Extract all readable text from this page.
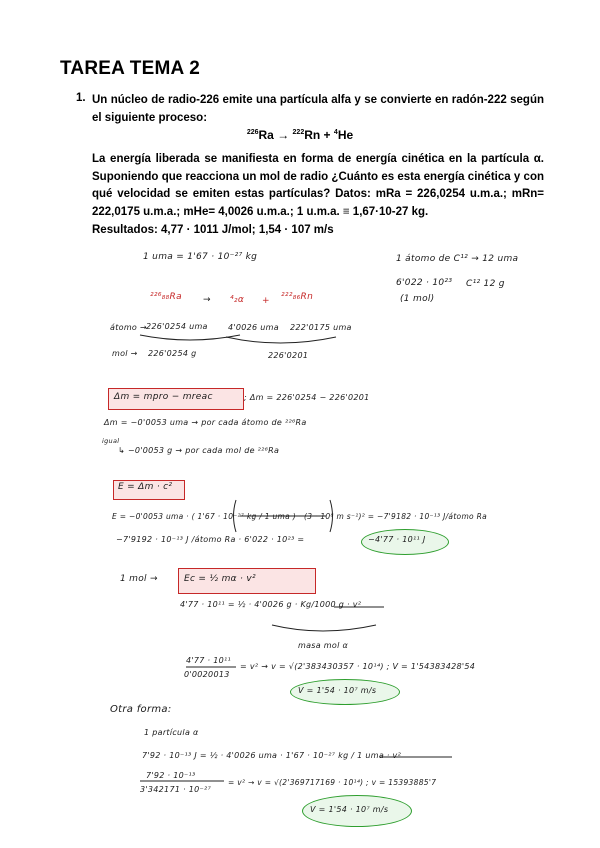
TAREA TEMA 2
1. Un núcleo de radio-226 emite una partícula alfa y se convierte en radón-222 según el siguiente proceso:
$^{226}$Ra → $^{222}$Rn + $^4$He
La energía liberada se manifiesta en forma de energía cinética en la partícula α. Suponiendo que reacciona un mol de radio ¿Cuánto es esta energía cinética y con qué velocidad se emiten estas partículas? Datos: mRa = 226,0254 u.m.a.; mRn= 222,0175 u.m.a.; mHe= 4,0026 u.m.a.; 1 u.m.a. ≡ 1,67·10-27 kg.
Resultados: 4,77 · 1011 J/mol; 1,54 · 107 m/s
1 uma = 1'67 · 10⁻²⁷ kg	1 átomo de C¹² → 12 uma
6'022 · 10²³ C¹² 12 g
(1 mol)
²²⁶₈₈Ra → ⁴₂α + ²²²₈₆Rn
átomo → 226'0254 uma	4'0026 uma 222'0175 uma
mol → 226'0254 g	226'0201
Δm = mpro − mreac	; Δm = 226'0254 − 226'0201
Δm = −0'0053 uma → por cada átomo de ²²⁶Ra
igual
↳ −0'0053 g → por cada mol de ²²⁶Ra
E = Δm · c²
E = −0'0053 uma · ( 1'67 · 10⁻²⁷ kg / 1 uma ) · (3 · 10⁸ m s⁻¹)² = −7'9182 · 10⁻¹³ J/átomo Ra
−7'9192 · 10⁻¹³ J /átomo Ra · 6'022 · 10²³ =	−4'77 · 10¹¹ J
1 mol →	Ec = ½ mα · v²
4'77 · 10¹¹ = ½ · 4'0026 g · Kg/1000 g · v²
masa mol α
4'77 · 10¹¹
0'0020013
= v² → v = √(2'383430357 · 10¹⁴) ; V = 1'54383428'54
V = 1'54 · 10⁷ m/s
Otra forma:
1 partícula α
7'92 · 10⁻¹³ J = ½ · 4'0026 uma · 1'67 · 10⁻²⁷ kg / 1 uma · v²
7'92 · 10⁻¹³
3'342171 · 10⁻²⁷
= v² → v = √(2'369717169 · 10¹⁴) ; v = 15393885'7
V = 1'54 · 10⁷ m/s
